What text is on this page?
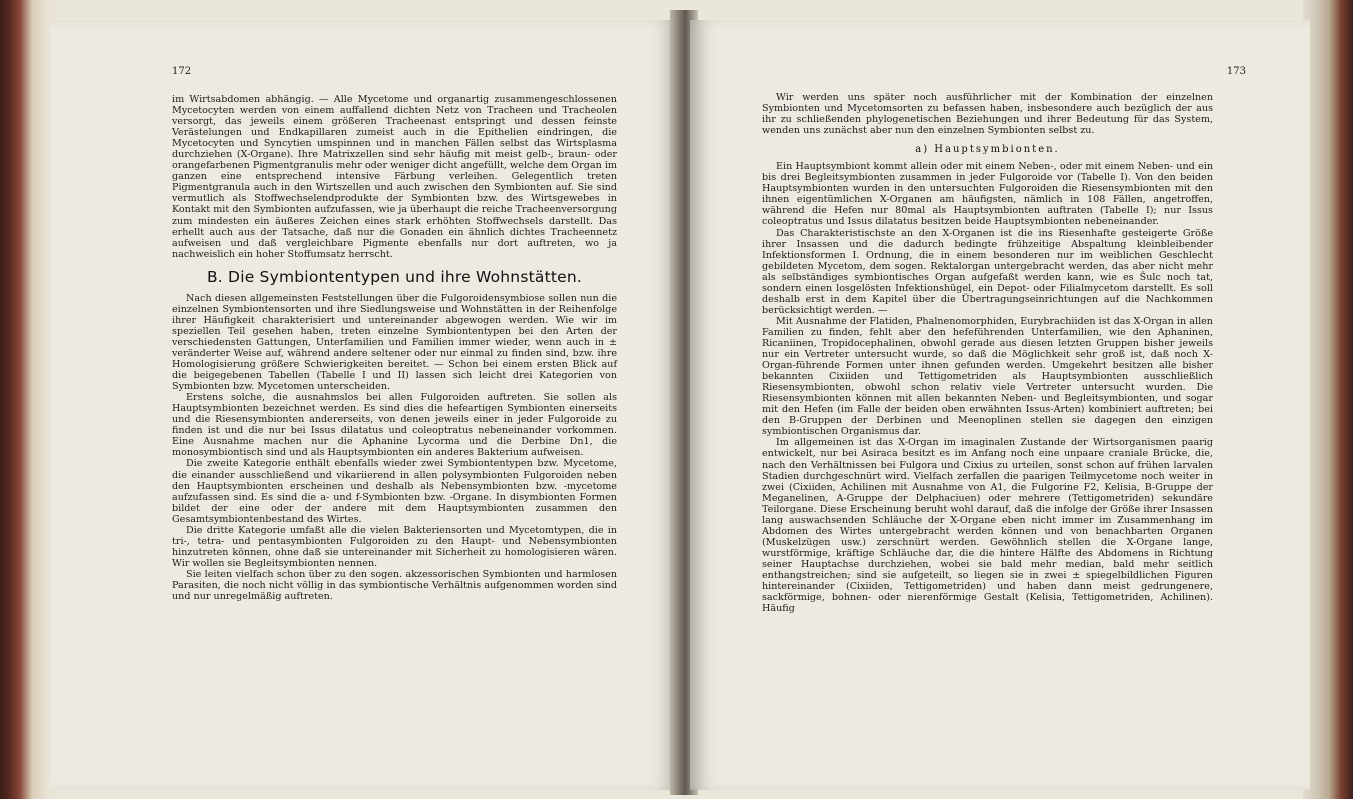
172

im Wirtsabdomen abhängig. — Alle Mycetome und organartig zusammengeschlossenen Mycetocyten werden von einem auffallend dichten Netz von Tracheen und Tracheolen versorgt, das jeweils einem größeren Tracheenast entspringt und dessen feinste Verästelungen und Endkapillaren zumeist auch in die Epithelien eindringen, die Mycetocyten und Syncytien umspinnen und in manchen Fällen selbst das Wirtsplasma durchziehen (X-Organe). Ihre Matrixzellen sind sehr häufig mit meist gelb-, braun- oder orangefarbenen Pigmentgranulis mehr oder weniger dicht angefüllt, welche dem Organ im ganzen eine entsprechend intensive Färbung verleihen. Gelegentlich treten Pigmentgranula auch in den Wirtszellen und auch zwischen den Symbionten auf. Sie sind vermutlich als Stoffwechselendprodukte der Symbionten bzw. des Wirtsgewebes in Kontakt mit den Symbionten aufzufassen, wie ja überhaupt die reiche Tracheenversorgung zum mindesten ein äußeres Zeichen eines stark erhöhten Stoffwechsels darstellt. Das erhellt auch aus der Tatsache, daß nur die Gonaden ein ähnlich dichtes Tracheennetz aufweisen und daß vergleichbare Pigmente ebenfalls nur dort auftreten, wo ja nachweislich ein hoher Stoffumsatz herrscht.

B. Die Symbiontentypen und ihre Wohnstätten.

Nach diesen allgemeinsten Feststellungen über die Fulgoroidensymbiose sollen nun die einzelnen Symbiontensorten und ihre Siedlungsweise und Wohnstätten in der Reihenfolge ihrer Häufigkeit charakterisiert und untereinander abgewogen werden. Wie wir im speziellen Teil gesehen haben, treten einzelne Symbiontentypen bei den Arten der verschiedensten Gattungen, Unterfamilien und Familien immer wieder, wenn auch in ± veränderter Weise auf, während andere seltener oder nur einmal zu finden sind, bzw. ihre Homologisierung größere Schwierigkeiten bereitet. — Schon bei einem ersten Blick auf die beigegebenen Tabellen (Tabelle I und II) lassen sich leicht drei Kategorien von Symbionten bzw. Mycetomen unterscheiden.

Erstens solche, die ausnahmslos bei allen Fulgoroiden auftreten. Sie sollen als Hauptsymbionten bezeichnet werden. Es sind dies die hefeartigen Symbionten einerseits und die Riesensymbionten andererseits, von denen jeweils einer in jeder Fulgoroide zu finden ist und die nur bei Issus dilatatus und coleoptratus nebeneinander vorkommen. Eine Ausnahme machen nur die Aphanine Lycorma und die Derbine Dn1, die monosymbiontisch sind und als Hauptsymbionten ein anderes Bakterium aufweisen.

Die zweite Kategorie enthält ebenfalls wieder zwei Symbiontentypen bzw. Mycetome, die einander ausschließend und vikariierend in allen polysymbionten Fulgoroiden neben den Hauptsymbionten erscheinen und deshalb als Nebensymbionten bzw. -mycetome aufzufassen sind. Es sind die a- und f-Symbionten bzw. -Organe. In disymbionten Formen bildet der eine oder der andere mit dem Hauptsymbionten zusammen den Gesamtsymbiontenbestand des Wirtes.

Die dritte Kategorie umfaßt alle die vielen Bakteriensorten und Mycetomtypen, die in tri-, tetra- und pentasymbionten Fulgoroiden zu den Haupt- und Nebensymbionten hinzutreten können, ohne daß sie untereinander mit Sicherheit zu homologisieren wären. Wir wollen sie Begleitsymbionten nennen.

Sie leiten vielfach schon über zu den sogen. akzessorischen Symbionten und harmlosen Parasiten, die noch nicht völlig in das symbiontische Verhältnis aufgenommen worden sind und nur unregelmäßig auftreten.

173

Wir werden uns später noch ausführlicher mit der Kombination der einzelnen Symbionten und Mycetomsorten zu befassen haben, insbesondere auch bezüglich der aus ihr zu schließenden phylogenetischen Beziehungen und ihrer Bedeutung für das System, wenden uns zunächst aber nun den einzelnen Symbionten selbst zu.

a) Hauptsymbionten.

Ein Hauptsymbiont kommt allein oder mit einem Neben-, oder mit einem Neben- und ein bis drei Begleitsymbionten zusammen in jeder Fulgoroide vor (Tabelle I). Von den beiden Hauptsymbionten wurden in den untersuchten Fulgoroiden die Riesensymbionten mit den ihnen eigentümlichen X-Organen am häufigsten, nämlich in 108 Fällen, angetroffen, während die Hefen nur 80mal als Hauptsymbionten auftraten (Tabelle I); nur Issus coleoptratus und Issus dilatatus besitzen beide Hauptsymbionten nebeneinander.

Das Charakteristischste an den X-Organen ist die ins Riesenhafte gesteigerte Größe ihrer Insassen und die dadurch bedingte frühzeitige Abspaltung kleinbleibender Infektionsformen I. Ordnung, die in einem besonderen nur im weiblichen Geschlecht gebildeten Mycetom, dem sogen. Rektalorgan untergebracht werden, das aber nicht mehr als selbständiges symbiontisches Organ aufgefaßt werden kann, wie es Šulc noch tat, sondern einen losgelösten Infektionshügel, ein Depot- oder Filialmycetom darstellt. Es soll deshalb erst in dem Kapitel über die Übertragungseinrichtungen auf die Nachkommen berücksichtigt werden. —

Mit Ausnahme der Flatiden, Phalnenomorphiden, Eurybrachiiden ist das X-Organ in allen Familien zu finden, fehlt aber den hefeführenden Unterfamilien, wie den Aphaninen, Ricaniinen, Tropidocephalinen, obwohl gerade aus diesen letzten Gruppen bisher jeweils nur ein Vertreter untersucht wurde, so daß die Möglichkeit sehr groß ist, daß noch X-Organ-führende Formen unter ihnen gefunden werden. Umgekehrt besitzen alle bisher bekannten Cixiiden und Tettigometriden als Hauptsymbionten ausschließlich Riesensymbionten, obwohl schon relativ viele Vertreter untersucht wurden. Die Riesensymbionten können mit allen bekannten Neben- und Begleitsymbionten, und sogar mit den Hefen (im Falle der beiden oben erwähnten Issus-Arten) kombiniert auftreten; bei den B-Gruppen der Derbinen und Meenoplinen stellen sie dagegen den einzigen symbiontischen Organismus dar.

Im allgemeinen ist das X-Organ im imaginalen Zustande der Wirtsorganismen paarig entwickelt, nur bei Asiraca besitzt es im Anfang noch eine unpaare craniale Brücke, die, nach den Verhältnissen bei Fulgora und Cixius zu urteilen, sonst schon auf frühen larvalen Stadien durchgeschnürt wird. Vielfach zerfallen die paarigen Teilmycetome noch weiter in zwei (Cixiiden, Achilinen mit Ausnahme von A1, die Fulgorine F2, Kelisia, B-Gruppe der Meganelinen, A-Gruppe der Delphaciuen) oder mehrere (Tettigometriden) sekundäre Teilorgane. Diese Erscheinung beruht wohl darauf, daß die infolge der Größe ihrer Insassen lang auswachsenden Schläuche der X-Organe eben nicht immer im Zusammenhang im Abdomen des Wirtes untergebracht werden können und von benachbarten Organen (Muskelzügen usw.) zerschnürt werden. Gewöhnlich stellen die X-Organe lange, wurstförmige, kräftige Schläuche dar, die die hintere Hälfte des Abdomens in Richtung seiner Hauptachse durchziehen, wobei sie bald mehr median, bald mehr seitlich enthangstreichen; sind sie aufgeteilt, so liegen sie in zwei ± spiegelbildlichen Figuren hintereinander (Cixiiden, Tettigometriden) und haben dann meist gedrungenere, sackförmige, bohnen- oder nierenförmige Gestalt (Kelisia, Tettigometriden, Achilinen). Häufig
